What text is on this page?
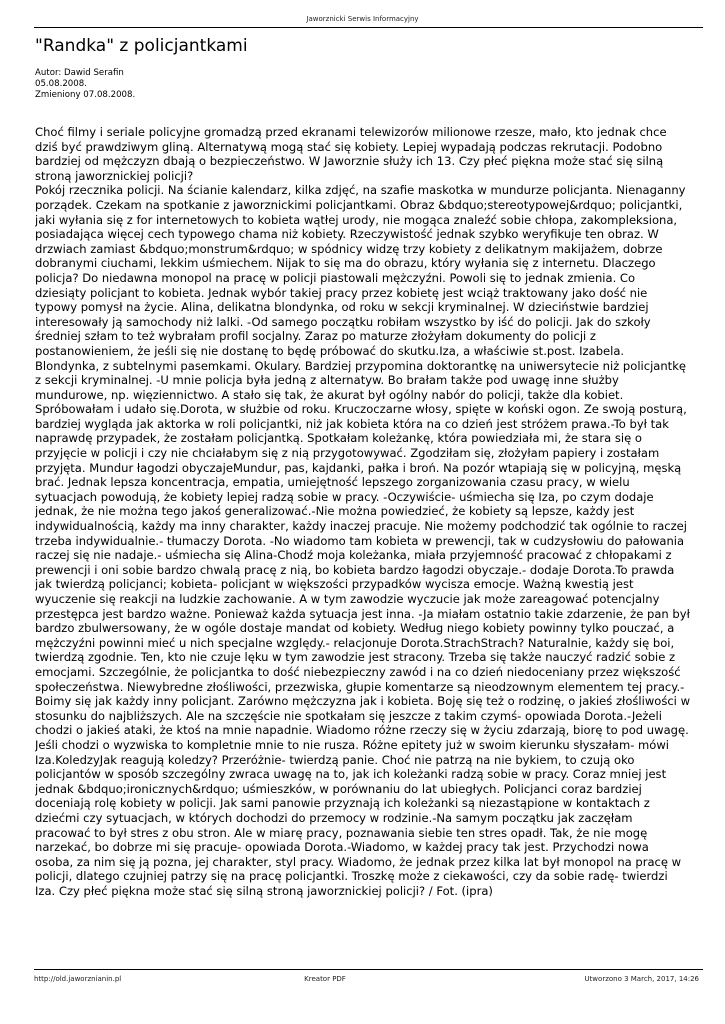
Jaworznicki Serwis Informacyjny
"Randka" z policjantkami
Autor: Dawid Serafin
05.08.2008.
Zmieniony 07.08.2008.

Choć filmy i seriale policyjne gromadzą przed ekranami telewizorów milionowe rzesze, mało, kto jednak chce dziś być prawdziwym gliną. Alternatywą mogą stać się kobiety. Lepiej wypadają podczas rekrutacji. Podobno bardziej od mężczyzn dbają o bezpieczeństwo. W Jaworznie służy ich 13. Czy płeć piękna może stać się silną stroną jaworznickiej policji?

Pokój rzecznika policji. Na ścianie kalendarz, kilka zdjęć, na szafie maskotka w mundurze policjanta. Nienaganny porządek. Czekam na spotkanie z jaworznickimi policjantkami. Obraz &bdquo;stereotypowej&rdquo; policjantki, jaki wyłania się z for internetowych to kobieta wątłej urody, nie mogąca znaleźć sobie chłopa, zakompleksiona, posiadająca więcej cech typowego chama niż kobiety. Rzeczywistość jednak szybko weryfikuje ten obraz. W drzwiach zamiast &bdquo;monstrum&rdquo; w spódnicy widzę trzy kobiety z delikatnym makijażem, dobrze dobranymi ciuchami, lekkim uśmiechem. Nijak to się ma do obrazu, który wyłania się z internetu. Dlaczego policja? Do niedawna monopol na pracę w policji piastowali mężczyźni. Powoli się to jednak zmienia. Co dziesiąty policjant to kobieta. Jednak wybór takiej pracy przez kobietę jest wciąż traktowany jako dość nie typowy pomysł na życie. Alina, delikatna blondynka, od roku w sekcji kryminalnej. W dzieciństwie bardziej interesowały ją samochody niż lalki. -Od samego początku robiłam wszystko by iść do policji. Jak do szkoły średniej szłam to też wybrałam profil socjalny. Zaraz po maturze złożyłam dokumenty do policji z postanowieniem, że jeśli się nie dostanę to będę próbować do skutku.Iza, a właściwie st.post. Izabela. Blondynka, z subtelnymi pasemkami. Okulary. Bardziej przypomina doktorantkę na uniwersytecie niż policjantkę z sekcji kryminalnej. -U mnie policja była jedną z alternatyw. Bo brałam także pod uwagę inne służby mundurowe, np. więziennictwo. A stało się tak, że akurat był ogólny nabór do policji, także dla kobiet. Spróbowałam i udało się.Dorota, w służbie od roku. Kruczoczarne włosy, spięte w koński ogon. Ze swoją posturą, bardziej wygląda jak aktorka w roli policjantki, niż jak kobieta która na co dzień jest stróżem prawa.-To był tak naprawdę przypadek, że zostałam policjantką. Spotkałam koleżankę, która powiedziała mi, że stara się o przyjęcie w policji i czy nie chciałabym się z nią przygotowywać. Zgodziłam się, złożyłam papiery i zostałam przyjęta. Mundur łagodzi obyczajeMundur, pas, kajdanki, pałka i broń. Na pozór wtapiają się w policyjną, męską brać. Jednak lepsza koncentracja, empatia, umiejętność lepszego zorganizowania czasu pracy, w wielu sytuacjach powodują, że kobiety lepiej radzą sobie w pracy. -Oczywiście- uśmiecha się Iza, po czym dodaje jednak, że nie można tego jakoś generalizować.-Nie można powiedzieć, że kobiety są lepsze, każdy jest indywidualnością, każdy ma inny charakter, każdy inaczej pracuje. Nie możemy podchodzić tak ogólnie to raczej trzeba indywidualnie.- tłumaczy Dorota. -No wiadomo tam kobieta w prewencji, tak w cudzysłowiu do pałowania raczej się nie nadaje.- uśmiecha się Alina-Chodź moja koleżanka, miała przyjemność pracować z chłopakami z prewencji i oni sobie bardzo chwalą pracę z nią, bo kobieta bardzo łagodzi obyczaje.- dodaje Dorota.To prawda jak twierdzą policjanci; kobieta- policjant w większości przypadków wycisza emocje. Ważną kwestią jest wyuczenie się reakcji na ludzkie zachowanie. A w tym zawodzie wyczucie jak może zareagować potencjalny przestępca jest bardzo ważne. Ponieważ każda sytuacja jest inna. -Ja miałam ostatnio takie zdarzenie, że pan był bardzo zbulwersowany, że w ogóle dostaje mandat od kobiety. Według niego kobiety powinny tylko pouczać, a mężczyźni powinni mieć u nich specjalne względy.- relacjonuje Dorota.StrachStrach? Naturalnie, każdy się boi, twierdzą zgodnie. Ten, kto nie czuje lęku w tym zawodzie jest stracony. Trzeba się także nauczyć radzić sobie z emocjami. Szczególnie, że policjantka to dość niebezpieczny zawód i na co dzień niedoceniany przez większość społeczeństwa. Niewybredne złośliwości, przezwiska, głupie komentarze są nieodzownym elementem tej pracy.-Boimy się jak każdy inny policjant. Zarówno mężczyzna jak i kobieta. Boję się też o rodzinę, o jakieś złośliwości w stosunku do najbliższych. Ale na szczęście nie spotkałam się jeszcze z takim czymś- opowiada Dorota.-Jeżeli chodzi o jakieś ataki, że ktoś na mnie napadnie. Wiadomo różne rzeczy się w życiu zdarzają, biorę to pod uwagę. Jeśli chodzi o wyzwiska to kompletnie mnie to nie rusza. Różne epitety już w swoim kierunku słyszałam- mówi Iza.KoledzyJak reagują koledzy? Przeróżnie- twierdzą panie. Choć nie patrzą na nie bykiem, to czują oko policjantów w sposób szczególny zwraca uwagę na to, jak ich koleżanki radzą sobie w pracy. Coraz mniej jest jednak &bdquo;ironicznych&rdquo; uśmieszków, w porównaniu do lat ubiegłych. Policjanci coraz bardziej doceniają rolę kobiety w policji. Jak sami panowie przyznają ich koleżanki są niezastąpione w kontaktach z dziećmi czy sytuacjach, w których dochodzi do przemocy w rodzinie.-Na samym początku jak zaczęłam pracować to był stres z obu stron. Ale w miarę pracy, poznawania siebie ten stres opadł. Tak, że nie mogę narzekać, bo dobrze mi się pracuje- opowiada Dorota.-Wiadomo, w każdej pracy tak jest. Przychodzi nowa osoba, za nim się ją pozna, jej charakter, styl pracy. Wiadomo, że jednak przez kilka lat był monopol na pracę w policji, dlatego czujniej patrzy się na pracę policjantki. Troszkę może z ciekawości, czy da sobie radę- twierdzi Iza. Czy płeć piękna może stać się silną stroną jaworznickiej policji? / Fot. (ipra)

http://old.jaworznianin.pl	Kreator PDF	Utworzono 3 March, 2017, 14:26
